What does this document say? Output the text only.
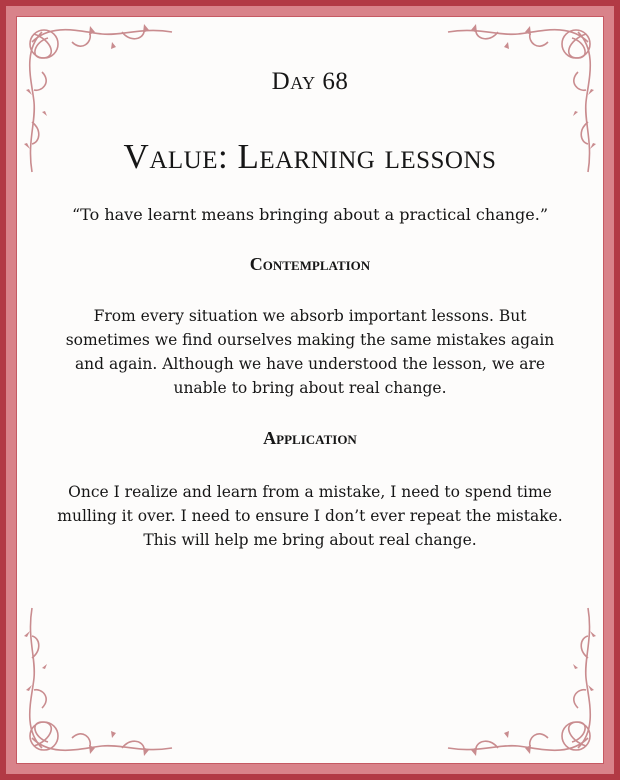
Day 68
Value: Learning lessons
“To have learnt means bringing about a practical change.”
Contemplation
From every situation we absorb important lessons. But
sometimes we find ourselves making the same mistakes again
and again. Although we have understood the lesson, we are
unable to bring about real change.
Application
Once I realize and learn from a mistake, I need to spend time
mulling it over. I need to ensure I don’t ever repeat the mistake.
This will help me bring about real change.
